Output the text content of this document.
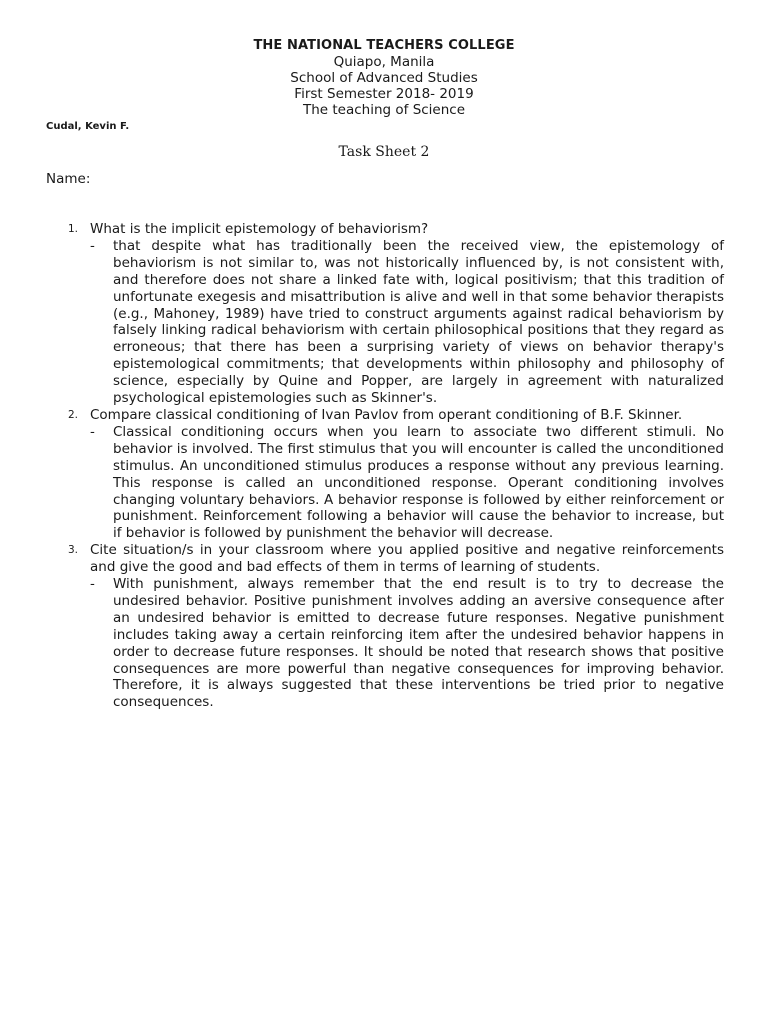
THE NATIONAL TEACHERS COLLEGE
Quiapo, Manila
School of Advanced Studies
First Semester 2018- 2019
The teaching of Science
Cudal, Kevin F.
Task Sheet 2
Name:
1. What is the implicit epistemology of behaviorism?
-	that despite what has traditionally been the received view, the epistemology of behaviorism is not similar to, was not historically influenced by, is not consistent with, and therefore does not share a linked fate with, logical positivism; that this tradition of unfortunate exegesis and misattribution is alive and well in that some behavior therapists (e.g., Mahoney, 1989) have tried to construct arguments against radical behaviorism by falsely linking radical behaviorism with certain philosophical positions that they regard as erroneous; that there has been a surprising variety of views on behavior therapy's epistemological commitments; that developments within philosophy and philosophy of science, especially by Quine and Popper, are largely in agreement with naturalized psychological epistemologies such as Skinner's.
2. Compare classical conditioning of Ivan Pavlov from operant conditioning of B.F. Skinner.
-	Classical conditioning occurs when you learn to associate two different stimuli. No behavior is involved. The first stimulus that you will encounter is called the unconditioned stimulus. An unconditioned stimulus produces a response without any previous learning. This response is called an unconditioned response. Operant conditioning involves changing voluntary behaviors. A behavior response is followed by either reinforcement or punishment. Reinforcement following a behavior will cause the behavior to increase, but if behavior is followed by punishment the behavior will decrease.
3. Cite situation/s in your classroom where you applied positive and negative reinforcements and give the good and bad effects of them in terms of learning of students.
-	With punishment, always remember that the end result is to try to decrease the undesired behavior. Positive punishment involves adding an aversive consequence after an undesired behavior is emitted to decrease future responses. Negative punishment includes taking away a certain reinforcing item after the undesired behavior happens in order to decrease future responses. It should be noted that research shows that positive consequences are more powerful than negative consequences for improving behavior. Therefore, it is always suggested that these interventions be tried prior to negative consequences.
